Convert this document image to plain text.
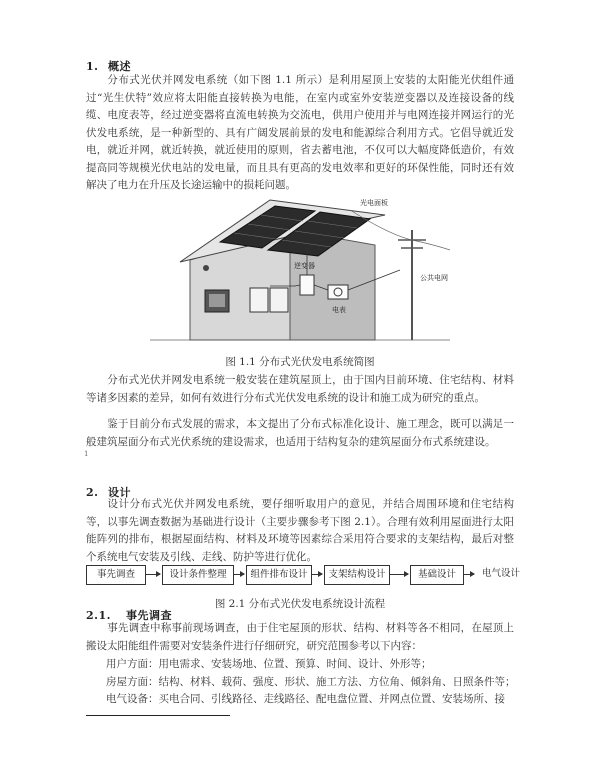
1. 概述

分布式光伏并网发电系统（如下图 1.1 所示）是利用屋顶上安装的太阳能光伏组件通过“光生伏特”效应将太阳能直接转换为电能，在室内或室外安装逆变器以及连接设备的线缆、电度表等，经过逆变器将直流电转换为交流电，供用户使用并与电网连接并网运行的光伏发电系统，是一种新型的、具有广阔发展前景的发电和能源综合利用方式。它倡导就近发电，就近并网，就近转换，就近使用的原则，省去蓄电池，不仅可以大幅度降低造价，有效提高同等规模光伏电站的发电量，而且具有更高的发电效率和更好的环保性能，同时还有效解决了电力在升压及长途运输中的损耗问题。

光电面板
逆变器
电表
公共电网
图 1.1 分布式光伏发电系统简图

分布式光伏并网发电系统一般安装在建筑屋顶上，由于国内目前环境、住宅结构、材料等诸多因素的差异，如何有效进行分布式光伏发电系统的设计和施工成为研究的重点。

鉴于目前分布式发展的需求，本文提出了分布式标准化设计、施工理念，既可以满足一般建筑屋面分布式光伏系统的建设需求，也适用于结构复杂的建筑屋面分布式系统建设。

1
2. 设计

设计分布式光伏并网发电系统，要仔细听取用户的意见，并结合周围环境和住宅结构等，以事先调查数据为基础进行设计（主要步骤参考下图 2.1）。合理有效利用屋面进行太阳能阵列的排布，根据屋面结构、材料及环境等因素综合采用符合要求的支架结构，最后对整个系统电气安装及引线、走线、防护等进行优化。

事先调查	设计条件整理	组件排布设计	支架结构设计	基础设计	电气设计
图 2.1 分布式光伏发电系统设计流程
2.1. 事先调查

事先调查中称事前现场调查，由于住宅屋顶的形状、结构、材料等各不相同，在屋顶上搬设太阳能组件需要对安装条件进行仔细研究，研究范围参考以下内容：

用户方面：用电需求、安装场地、位置、预算、时间、设计、外形等；
房屋方面：结构、材料、载荷、强度、形状、施工方法、方位角、倾斜角、日照条件等；
电气设备：买电合同、引线路径、走线路径、配电盘位置、并网点位置、安装场所、接
